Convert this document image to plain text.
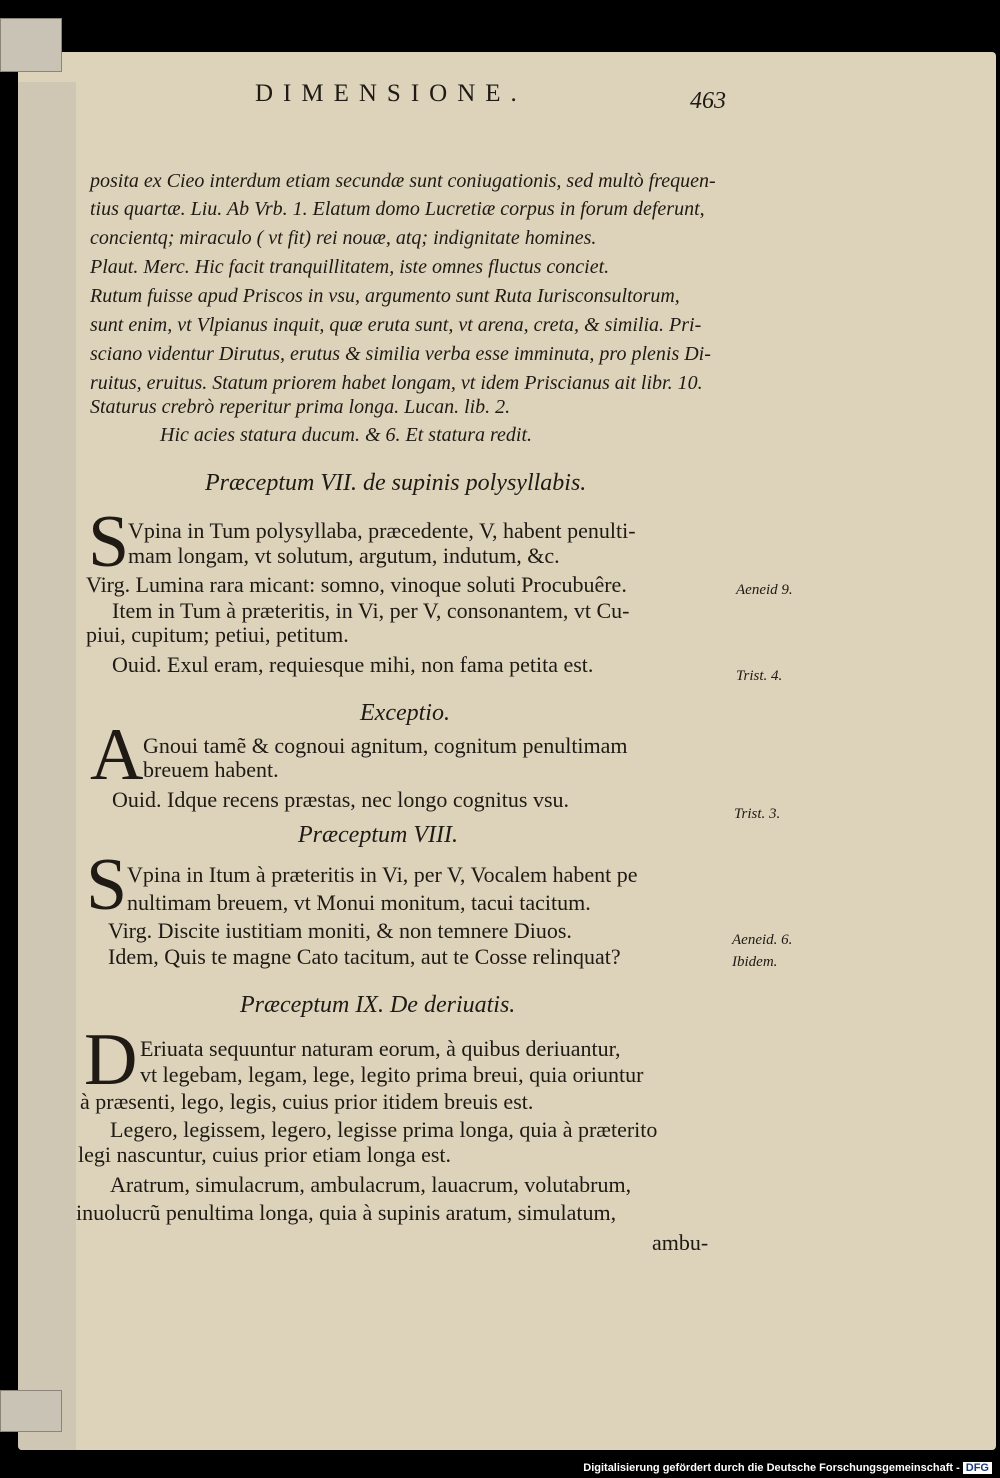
DIMENSIONE.	463
posita ex Cieo interdum etiam secundæ sunt coniugationis, sed multò frequen-
tius quartæ. Liu. Ab Vrb. 1. Elatum domo Lucretiæ corpus in forum deferunt,
concientq; miraculo ( vt fit) rei nouæ, atq; indignitate homines.
Plaut. Merc. Hic facit tranquillitatem, iste omnes fluctus conciet.
Rutum fuisse apud Priscos in vsu, argumento sunt Ruta Iurisconsultorum,
sunt enim, vt Vlpianus inquit, quæ eruta sunt, vt arena, creta, & similia. Pri-
sciano videntur Dirutus, erutus & similia verba esse imminuta, pro plenis Di-
ruitus, eruitus. Statum priorem habet longam, vt idem Priscianus ait libr. 10.
Staturus crebrò reperitur prima longa. Lucan. lib. 2.
Hic acies statura ducum. & 6. Et statura redit.
Præceptum VII. de supinis polysyllabis.
S
Vpina in Tum polysyllaba, præcedente, V, habent penulti-
mam longam, vt solutum, argutum, indutum, &c.
Virg. Lumina rara micant: somno, vinoque soluti Procubuêre.
Item in Tum à præteritis, in Vi, per V, consonantem, vt Cu-
piui, cupitum; petiui, petitum.
Ouid. Exul eram, requiesque mihi, non fama petita est.
Aeneid 9.
Trist. 4.
Exceptio.
A Gnoui tamẽ & cognoui agnitum, cognitum penultimam
breuem habent.
Ouid. Idque recens præstas, nec longo cognitus vsu.
Trist. 3.
Præceptum VIII.
S Vpina in Itum à præteritis in Vi, per V, Vocalem habent pe
nultimam breuem, vt Monui monitum, tacui tacitum.
Virg. Discite iustitiam moniti, & non temnere Diuos.
Idem, Quis te magne Cato tacitum, aut te Cosse relinquat?
Aeneid. 6.
Ibidem.
Præceptum IX. De deriuatis.
D Eriuata sequuntur naturam eorum, à quibus deriuantur,
vt legebam, legam, lege, legito prima breui, quia oriuntur
à præsenti, lego, legis, cuius prior itidem breuis est.
Legero, legissem, legero, legisse prima longa, quia à prӕterito
legi nascuntur, cuius prior etiam longa est.
Aratrum, simulacrum, ambulacrum, lauacrum, volutabrum,
inuolucrũ penultima longa, quia à supinis aratum, simulatum,
ambu-
Digitalisierung gefördert durch die Deutsche Forschungsgemeinschaft - DFG
